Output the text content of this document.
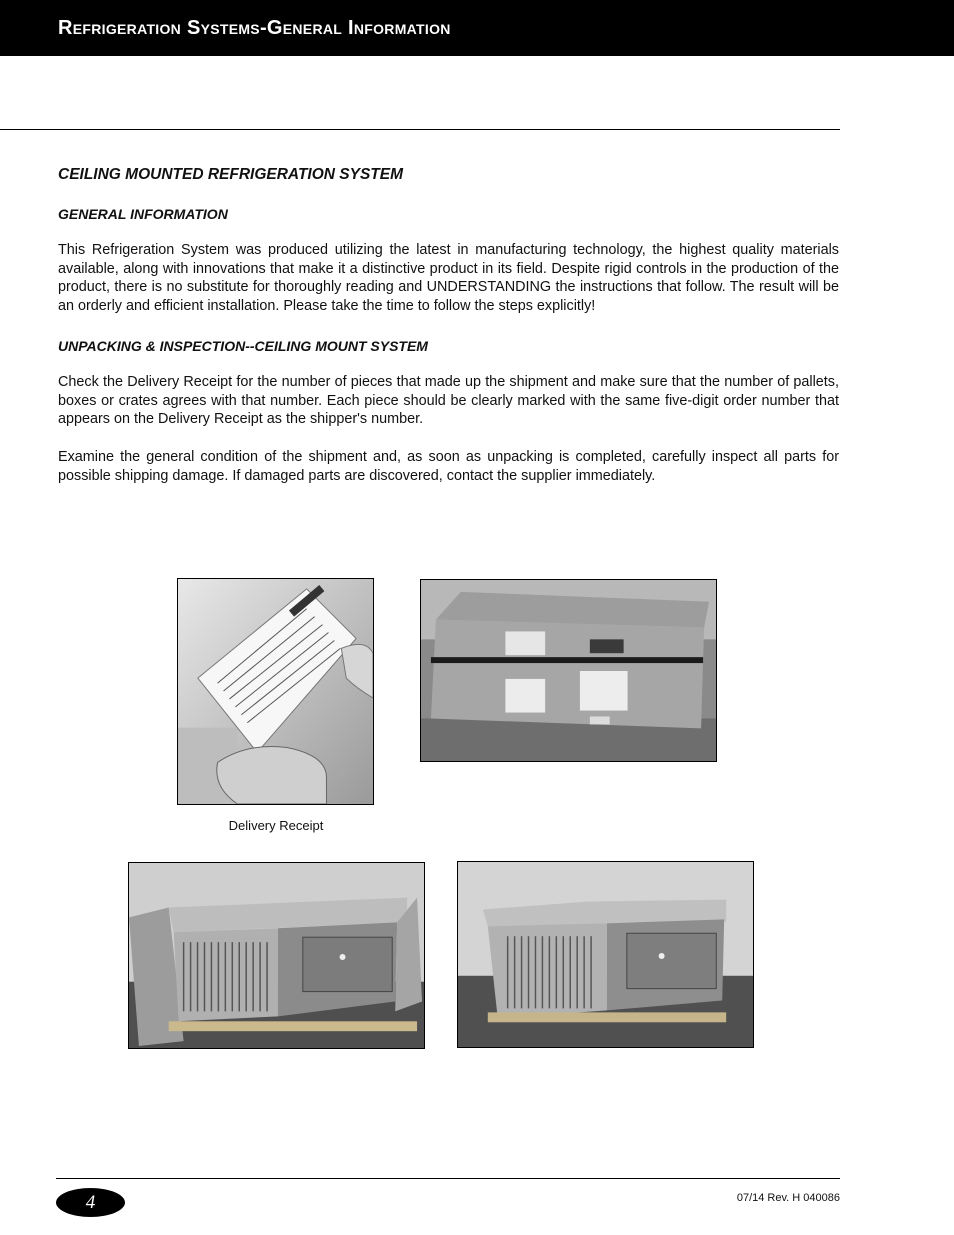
Refrigeration Systems-General Information
CEILING MOUNTED REFRIGERATION SYSTEM
GENERAL INFORMATION

This Refrigeration System was produced utilizing the latest in manufacturing technology, the highest quality materials available, along with innovations that make it a distinctive product in its field. Despite rigid controls in the production of the product, there is no substitute for thoroughly reading and UNDERSTANDING the instructions that follow. The result will be an orderly and efficient installation. Please take the time to follow the steps explicitly!

UNPACKING & INSPECTION--CEILING MOUNT SYSTEM

Check the Delivery Receipt for the number of pieces that made up the shipment and make sure that the number of pallets, boxes or crates agrees with that number. Each piece should be clearly marked with the same five-digit order number that appears on the Delivery Receipt as the shipper's number.

Examine the general condition of the shipment and, as soon as unpacking is completed, carefully inspect all parts for possible shipping damage. If damaged parts are discovered, contact the supplier immediately.

Delivery Receipt
4	07/14 Rev. H 040086
